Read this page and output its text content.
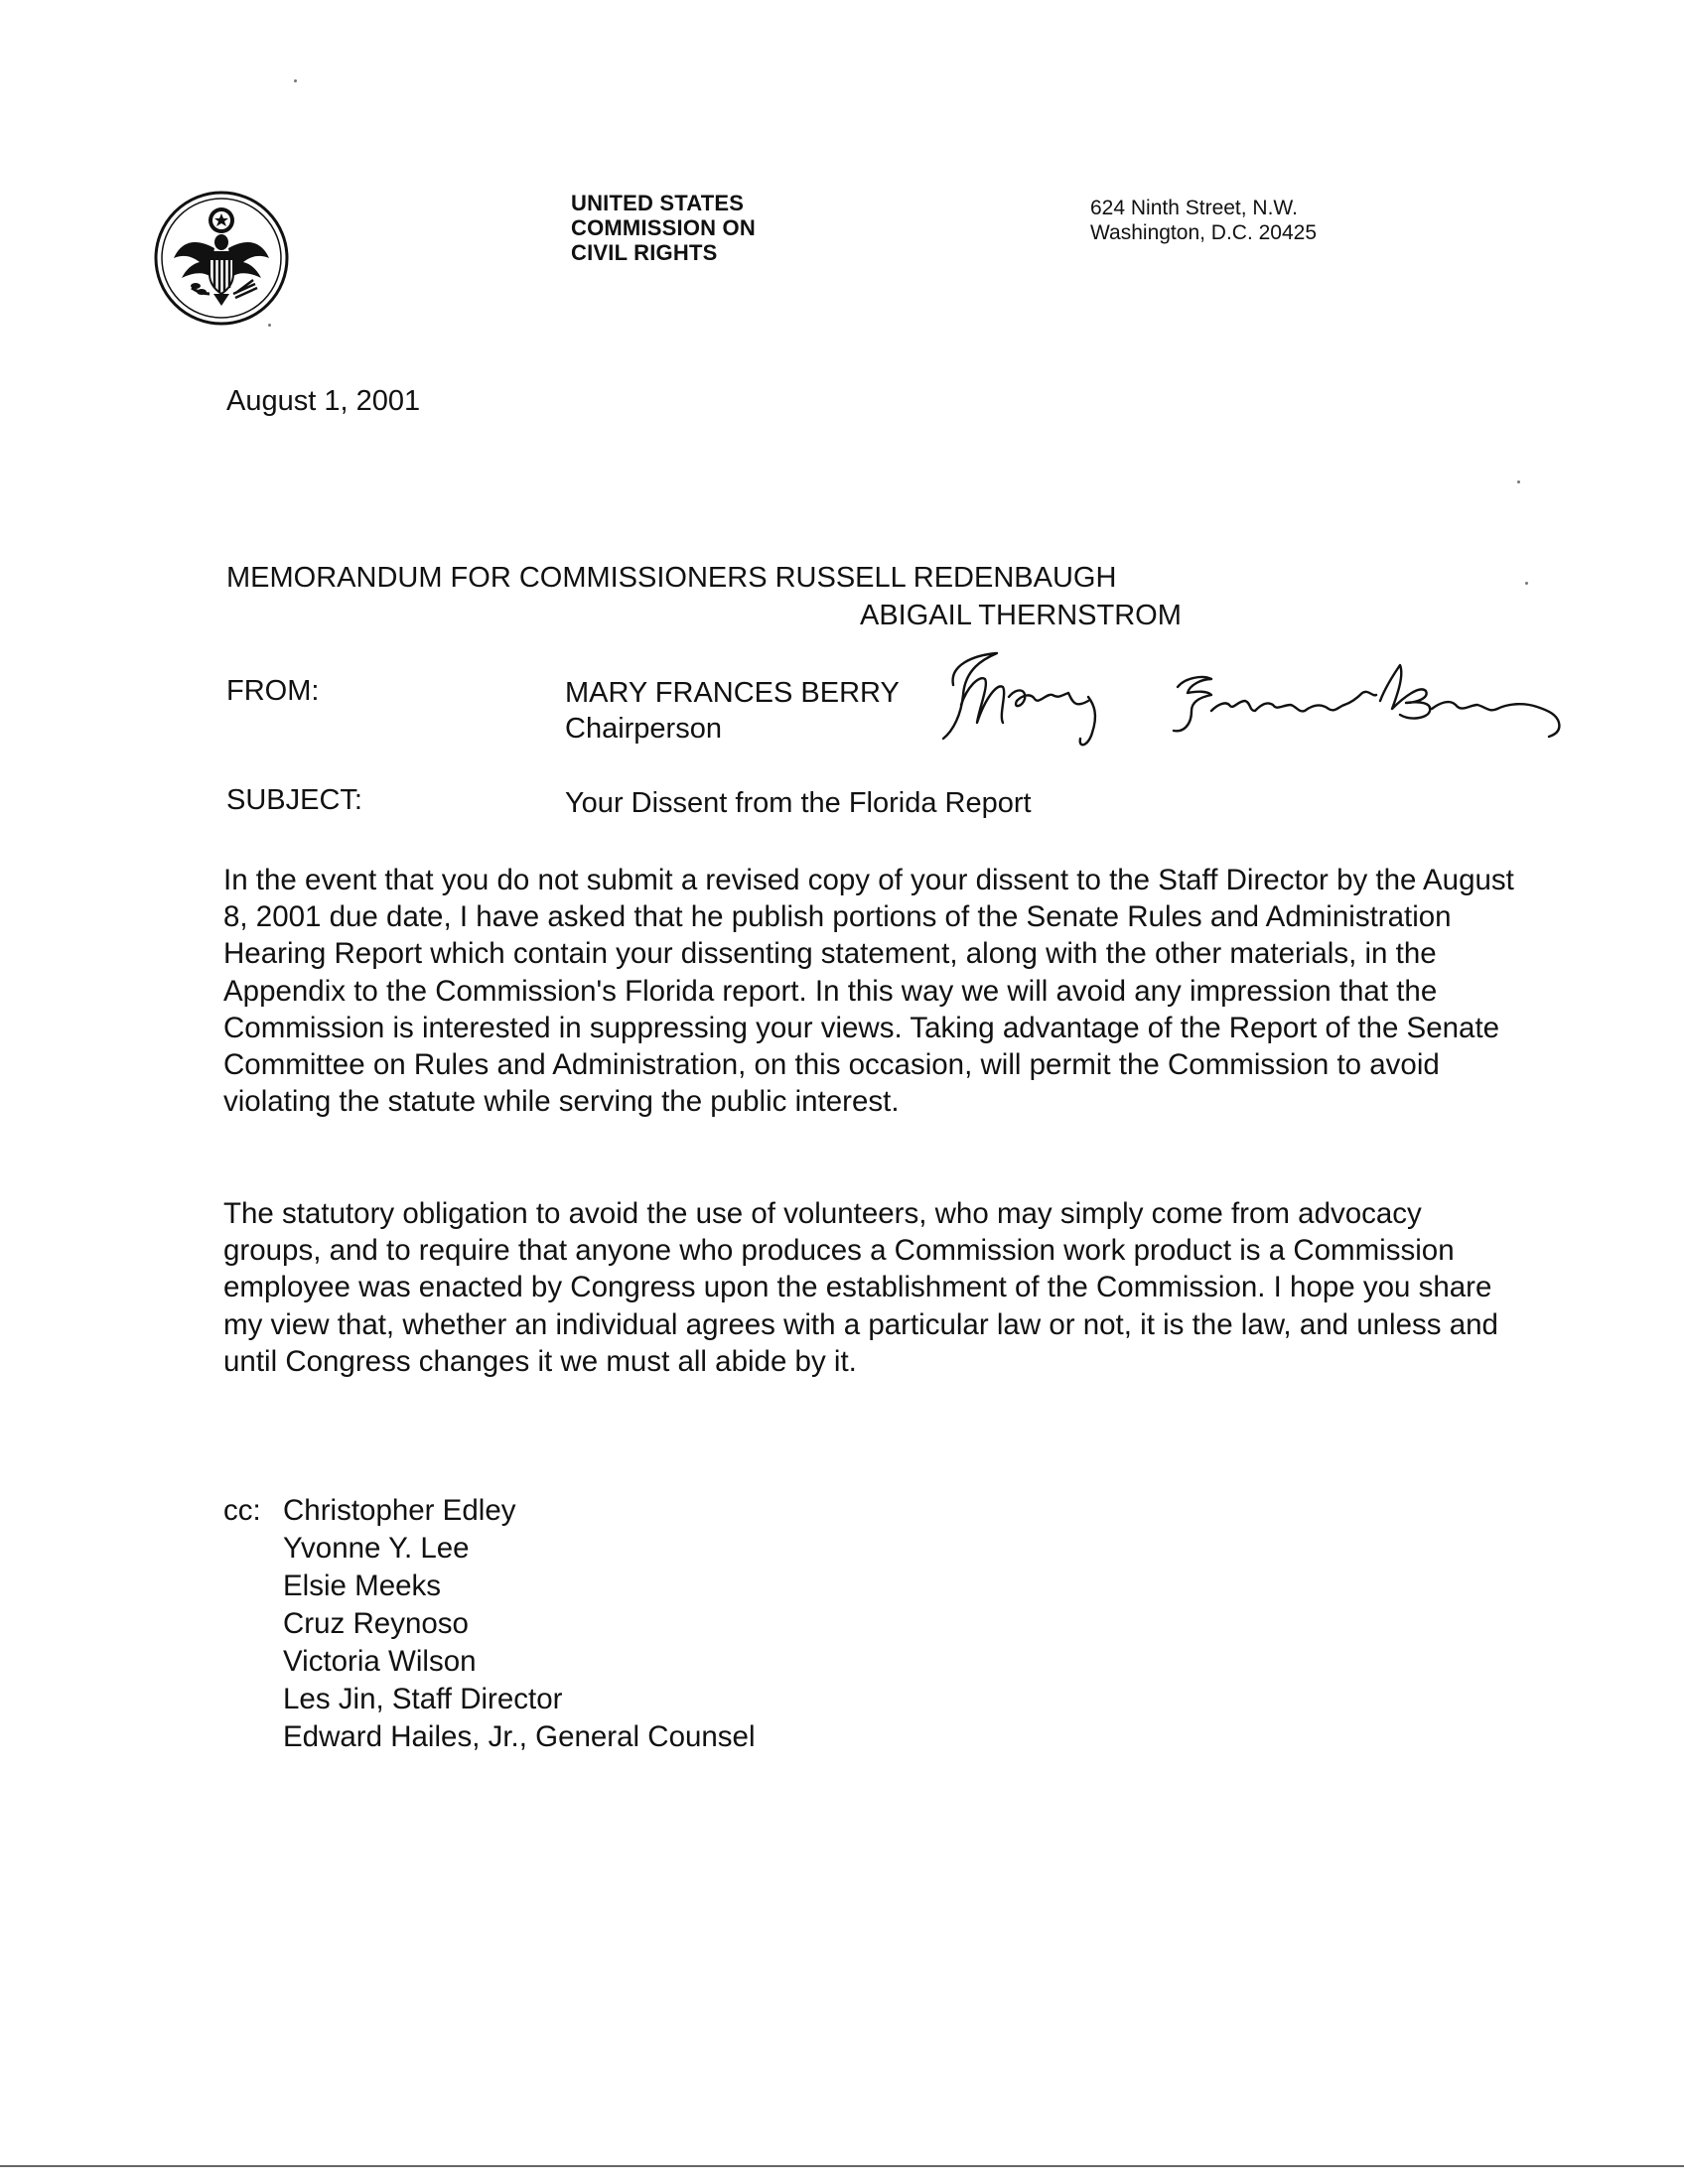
UNITED STATES
COMMISSION ON
CIVIL RIGHTS
624 Ninth Street, N.W.
Washington, D.C. 20425
August 1, 2001
MEMORANDUM FOR COMMISSIONERS RUSSELL REDENBAUGH
ABIGAIL THERNSTROM
FROM:	MARY FRANCES BERRY
Chairperson
SUBJECT:	Your Dissent from the Florida Report

In the event that you do not submit a revised copy of your dissent to the Staff Director by the August 8, 2001 due date, I have asked that he publish portions of the Senate Rules and Administration Hearing Report which contain your dissenting statement, along with the other materials, in the Appendix to the Commission's Florida report. In this way we will avoid any impression that the Commission is interested in suppressing your views. Taking advantage of the Report of the Senate Committee on Rules and Administration, on this occasion, will permit the Commission to avoid violating the statute while serving the public interest.

The statutory obligation to avoid the use of volunteers, who may simply come from advocacy groups, and to require that anyone who produces a Commission work product is a Commission employee was enacted by Congress upon the establishment of the Commission. I hope you share my view that, whether an individual agrees with a particular law or not, it is the law, and unless and until Congress changes it we must all abide by it.

cc: Christopher Edley
Yvonne Y. Lee
Elsie Meeks
Cruz Reynoso
Victoria Wilson
Les Jin, Staff Director
Edward Hailes, Jr., General Counsel
